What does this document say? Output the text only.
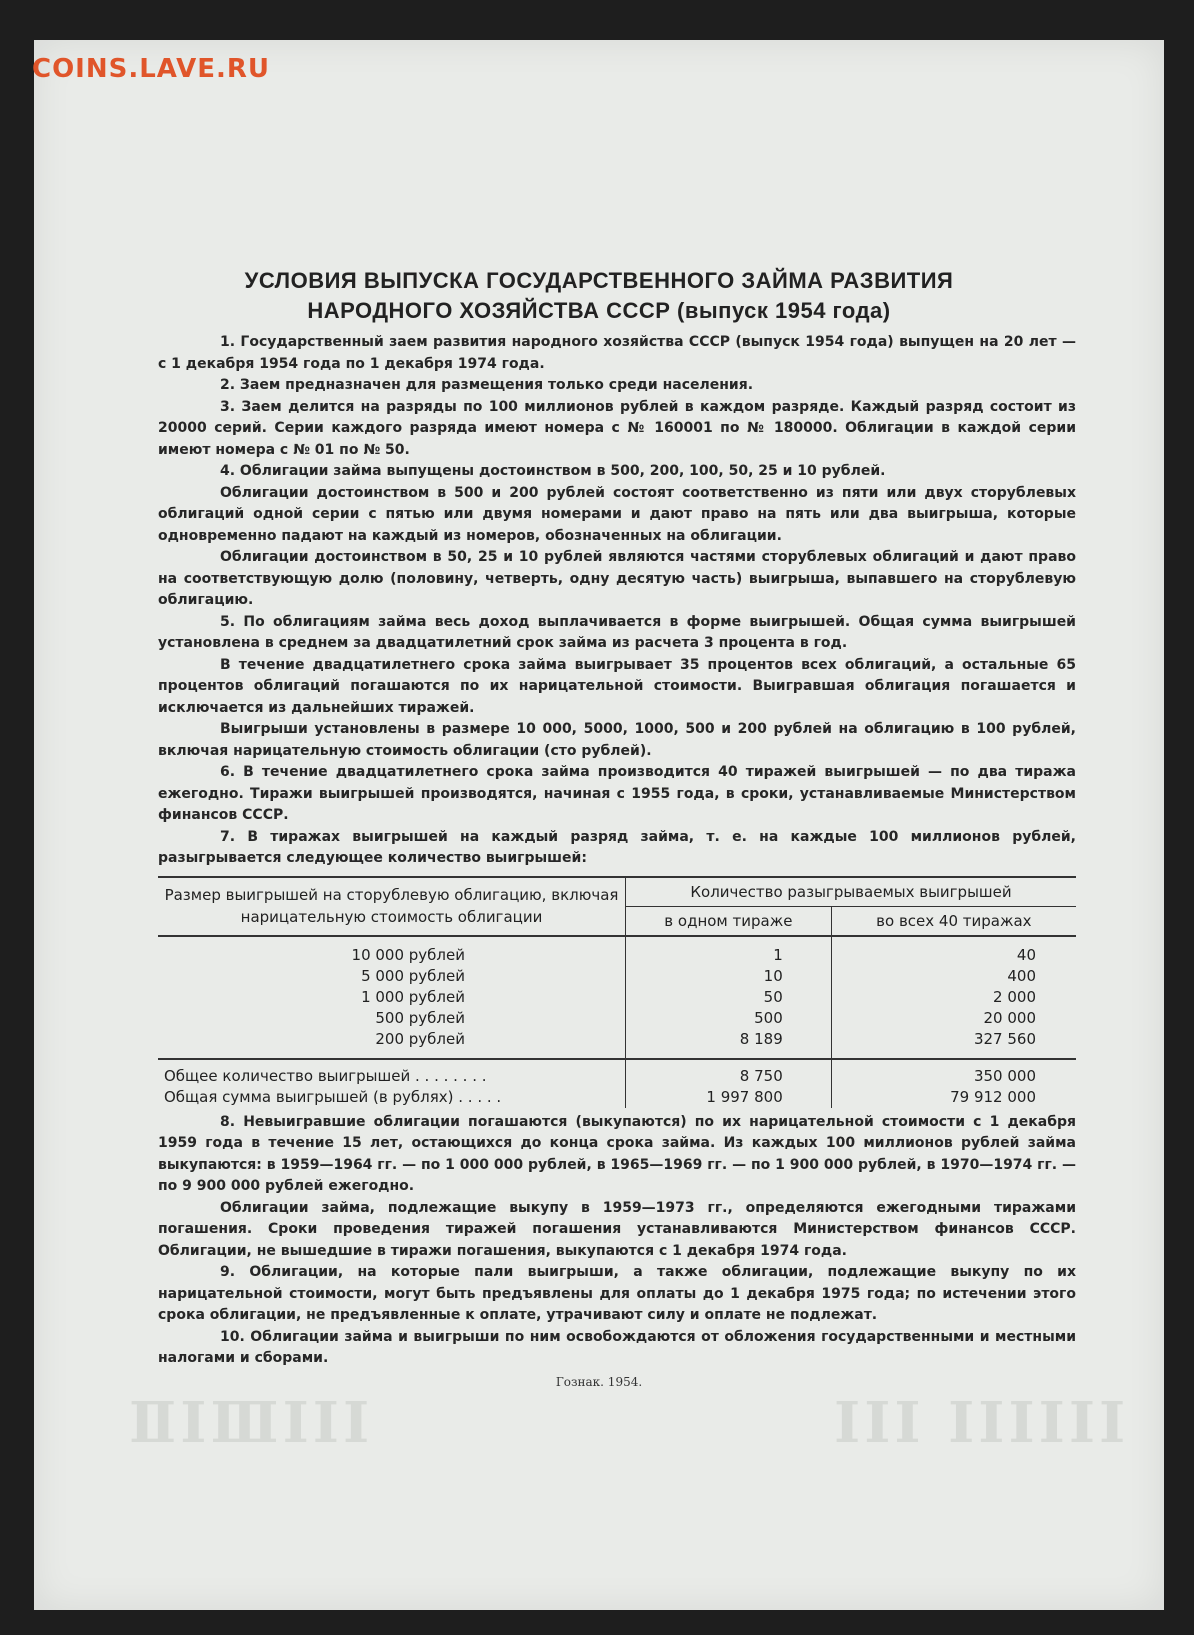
COINS.LAVE.RU
ⅡⅠⅢⅠⅠⅠ	ⅠⅠⅠ ⅠⅠⅠⅠⅠⅠ
УСЛОВИЯ ВЫПУСКА ГОСУДАРСТВЕННОГО ЗАЙМА РАЗВИТИЯ
НАРОДНОГО ХОЗЯЙСТВА СССР (выпуск 1954 года)

1. Государственный заем развития народного хозяйства СССР (выпуск 1954 года) выпущен на 20 лет — с 1 декабря 1954 года по 1 декабря 1974 года.

2. Заем предназначен для размещения только среди населения.

3. Заем делится на разряды по 100 миллионов рублей в каждом разряде. Каждый разряд состоит из 20000 серий. Серии каждого разряда имеют номера с № 160001 по № 180000. Облигации в каждой серии имеют номера с № 01 по № 50.

4. Облигации займа выпущены достоинством в 500, 200, 100, 50, 25 и 10 рублей.

Облигации достоинством в 500 и 200 рублей состоят соответственно из пяти или двух сторублевых облигаций одной серии с пятью или двумя номерами и дают право на пять или два выигрыша, которые одновременно падают на каждый из номеров, обозначенных на облигации.

Облигации достоинством в 50, 25 и 10 рублей являются частями сторублевых облигаций и дают право на соответствующую долю (половину, четверть, одну десятую часть) выигрыша, выпавшего на сторублевую облигацию.

5. По облигациям займа весь доход выплачивается в форме выигрышей. Общая сумма выигрышей установлена в среднем за двадцатилетний срок займа из расчета 3 процента в год.

В течение двадцатилетнего срока займа выигрывает 35 процентов всех облигаций, а остальные 65 процентов облигаций погашаются по их нарицательной стоимости. Выигравшая облигация погашается и исключается из дальнейших тиражей.

Выигрыши установлены в размере 10 000, 5000, 1000, 500 и 200 рублей на облигацию в 100 рублей, включая нарицательную стоимость облигации (сто рублей).

6. В течение двадцатилетнего срока займа производится 40 тиражей выигрышей — по два тиража ежегодно. Тиражи выигрышей производятся, начиная с 1955 года, в сроки, устанавливаемые Министерством финансов СССР.

7. В тиражах выигрышей на каждый разряд займа, т. е. на каждые 100 миллионов рублей, разыгрывается следующее количество выигрышей:

Размер выигрышей на сторублевую облигацию, включая нарицательную стоимость облигации	Количество разыгрываемых выигрышей	
	в одном тираже	во всех 40 тиражах
10 000 рублей	1	40
5 000 рублей	10	400
1 000 рублей	50	2 000
500 рублей	500	20 000
200 рублей	8 189	327 560
Общее количество выигрышей . . . . . . . .	8 750	350 000
Общая сумма выигрышей (в рублях) . . . . .	1 997 800	79 912 000

8. Невыигравшие облигации погашаются (выкупаются) по их нарицательной стоимости с 1 декабря 1959 года в течение 15 лет, остающихся до конца срока займа. Из каждых 100 миллионов рублей займа выкупаются: в 1959—1964 гг. — по 1 000 000 рублей, в 1965—1969 гг. — по 1 900 000 рублей, в 1970—1974 гг. — по 9 900 000 рублей ежегодно.

Облигации займа, подлежащие выкупу в 1959—1973 гг., определяются ежегодными тиражами погашения. Сроки проведения тиражей погашения устанавливаются Министерством финансов СССР. Облигации, не вышедшие в тиражи погашения, выкупаются с 1 декабря 1974 года.

9. Облигации, на которые пали выигрыши, а также облигации, подлежащие выкупу по их нарицательной стоимости, могут быть предъявлены для оплаты до 1 декабря 1975 года; по истечении этого срока облигации, не предъявленные к оплате, утрачивают силу и оплате не подлежат.

10. Облигации займа и выигрыши по ним освобождаются от обложения государственными и местными налогами и сборами.

Гознак. 1954.
